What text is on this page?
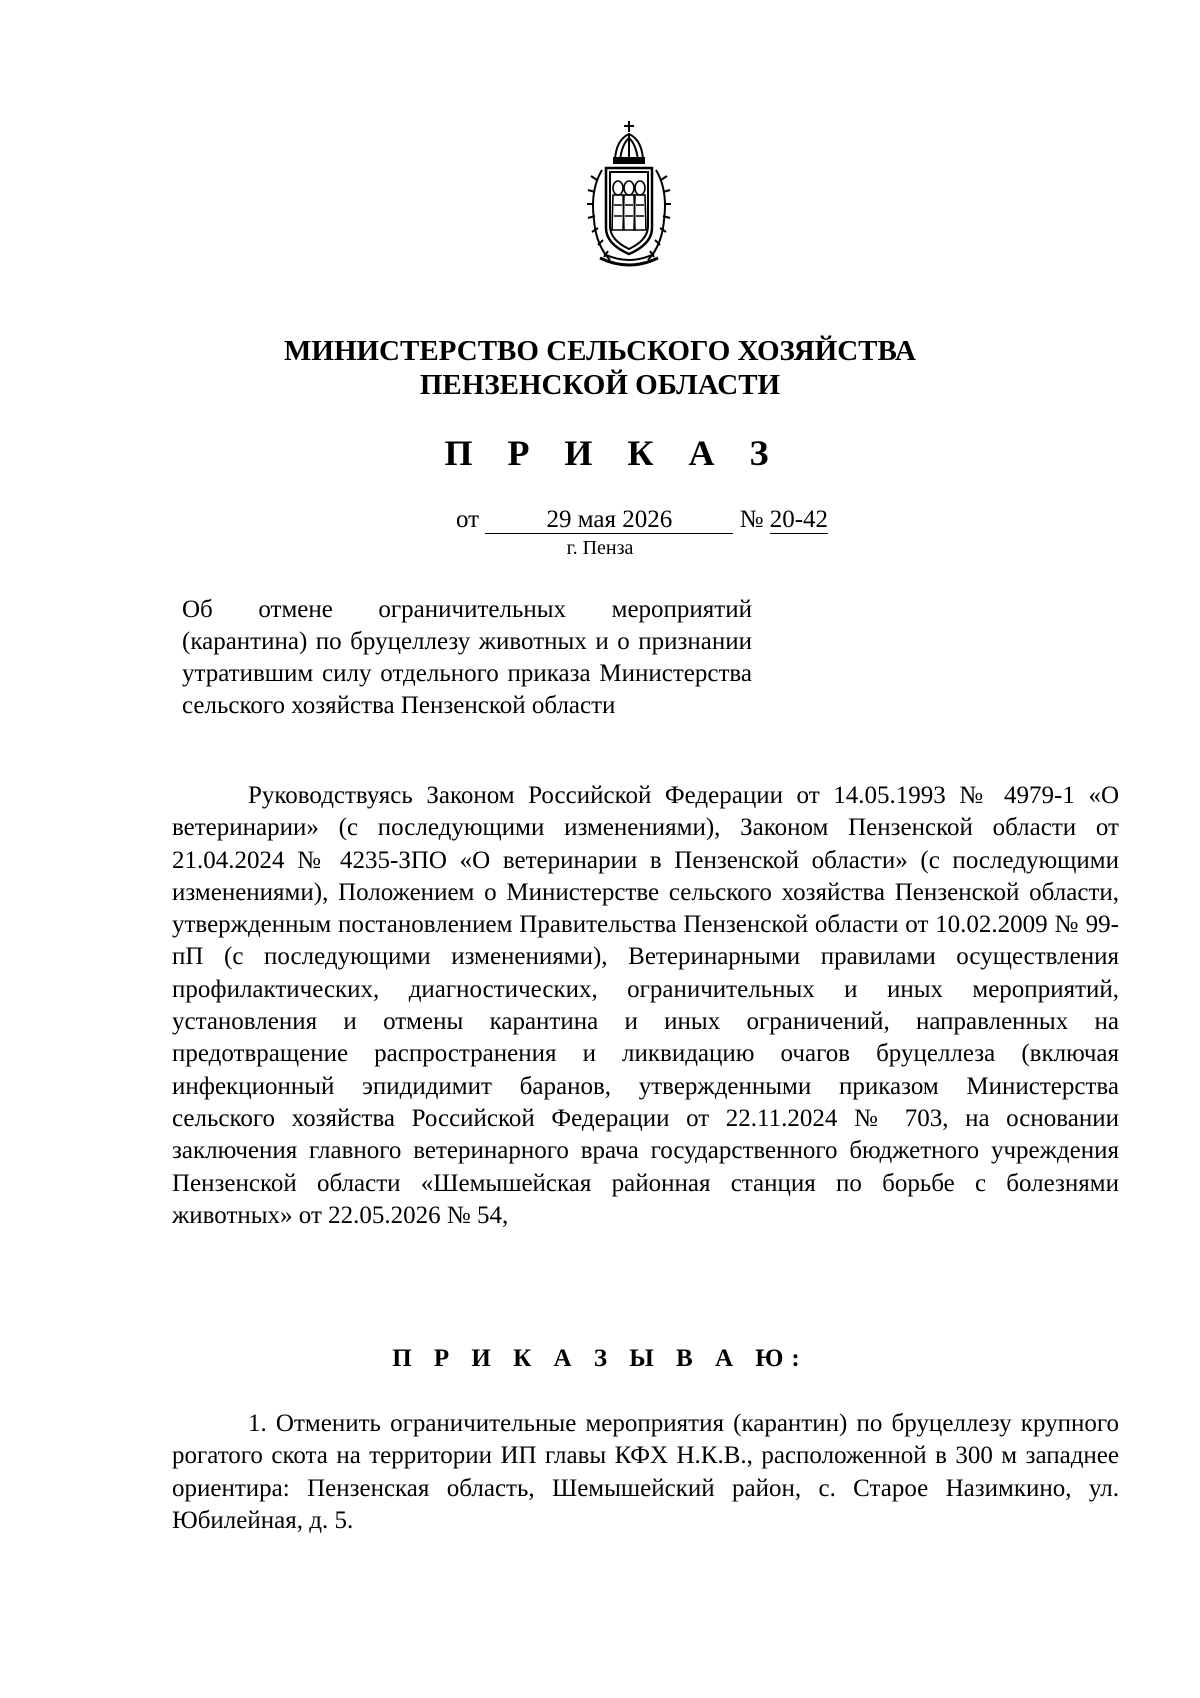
МИНИСТЕРСТВО СЕЛЬСКОГО ХОЗЯЙСТВА
ПЕНЗЕНСКОЙ ОБЛАСТИ
П Р И К А З
от	29 мая 2026	№ 20-42
г. Пенза
Об отмене ограничительных мероприятий (карантина) по бруцеллезу животных и о признании утратившим силу отдельного приказа Министерства сельского хозяйства Пензенской области

Руководствуясь Законом Российской Федерации от 14.05.1993 № 4979-1 «О ветеринарии» (с последующими изменениями), Законом Пензенской области от 21.04.2024 № 4235-ЗПО «О ветеринарии в Пензенской области» (с последующими изменениями), Положением о Министерстве сельского хозяйства Пензенской области, утвержденным постановлением Правительства Пензенской области от 10.02.2009 № 99-пП (с последующими изменениями), Ветеринарными правилами осуществления профилактических, диагностических, ограничительных и иных мероприятий, установления и отмены карантина и иных ограничений, направленных на предотвращение распространения и ликвидацию очагов бруцеллеза (включая инфекционный эпидидимит баранов, утвержденными приказом Министерства сельского хозяйства Российской Федерации от 22.11.2024 № 703, на основании заключения главного ветеринарного врача государственного бюджетного учреждения Пензенской области «Шемышейская районная станция по борьбе с болезнями животных» от 22.05.2026 № 54,

П Р И К А З Ы В А Ю:
1. Отменить ограничительные мероприятия (карантин) по бруцеллезу крупного рогатого скота на территории ИП главы КФХ Н.К.В., расположенной в 300 м западнее ориентира: Пензенская область, Шемышейский район, с. Старое Назимкино, ул. Юбилейная, д. 5.
